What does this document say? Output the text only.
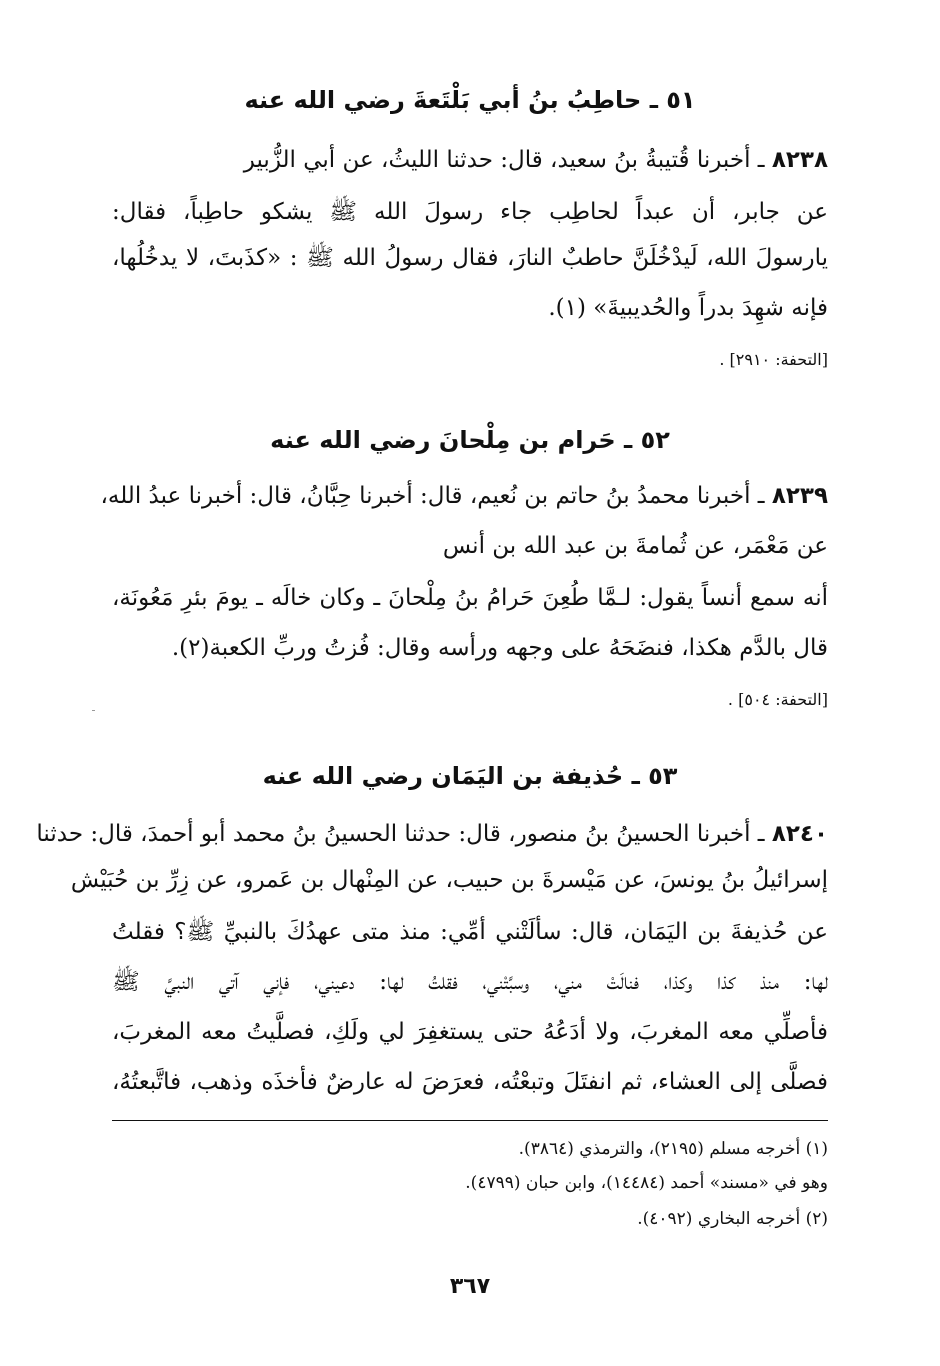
٥١ ـ حاطِبُ بنُ أبي بَلْتَعةَ رضي الله عنه
٨٢٣٨ ـ أخبرنا قُتيبةُ بنُ سعيد، قال: حدثنا الليثُ، عن أبي الزُّبير
عن جابر، أن عبداً لحاطِب جاء رسولَ الله ﷺ يشكو حاطِباً، فقال:
يارسولَ الله، لَيدْخُلَنَّ حاطبٌ النارَ، فقال رسولُ الله ﷺ : «كذَبتَ، لا يدخُلُها،
فإنه شهِدَ بدراً والحُديبيةَ» (١).
[التحفة: ٢٩١٠] .
٥٢ ـ حَرام بن مِلْحانَ رضي الله عنه
٨٢٣٩ ـ أخبرنا محمدُ بنُ حاتم بن نُعيم، قال: أخبرنا حِبَّانُ، قال: أخبرنا عبدُ الله،
عن مَعْمَر، عن ثُمامةَ بن عبد الله بن أنس
أنه سمع أنساً يقول: لـمَّا طُعِنَ حَرامُ بنُ مِلْحانَ ـ وكان خالَه ـ يومَ بئرِ مَعُونَة،
قال بالدَّم هكذا، فنضَحَهُ على وجهه ورأسه وقال: فُزتُ وربِّ الكعبة(٢).
[التحفة: ٥٠٤] .
٥٣ ـ حُذيفة بن اليَمَان رضي الله عنه
٨٢٤٠ ـ أخبرنا الحسينُ بنُ منصور، قال: حدثنا الحسينُ بنُ محمد أبو أحمدَ، قال: حدثنا
إسرائيلُ بنُ يونسَ، عن مَيْسرةَ بن حبيب، عن المِنْهال بن عَمرو، عن زِرِّ بن حُبَيْش
عن حُذيفةَ بن اليَمَان، قال: سألَتْني أمِّي: منذ متى عهدُكَ بالنبيِّ ﷺ؟ فقلتُ
لها: منذ كذا وكذا، فنالَتْ مني، وسبَّتْني، فقلتُ لها: دعيني، فإني آتي النبيَّ ﷺ
فأصلِّي معه المغربَ، ولا أدَعُهُ حتى يستغفِرَ لي ولَكِ، فصلَّيتُ معه المغربَ،
فصلَّى إلى العشاء، ثم انفتَلَ وتبعْتُه، فعرَضَ له عارضٌ فأخذَه وذهب، فاتَّبعتُهُ،
(١) أخرجه مسلم (٢١٩٥)، والترمذي (٣٨٦٤).
وهو في «مسند» أحمد (١٤٤٨٤)، وابن حبان (٤٧٩٩).
(٢) أخرجه البخاري (٤٠٩٢).
٣٦٧
